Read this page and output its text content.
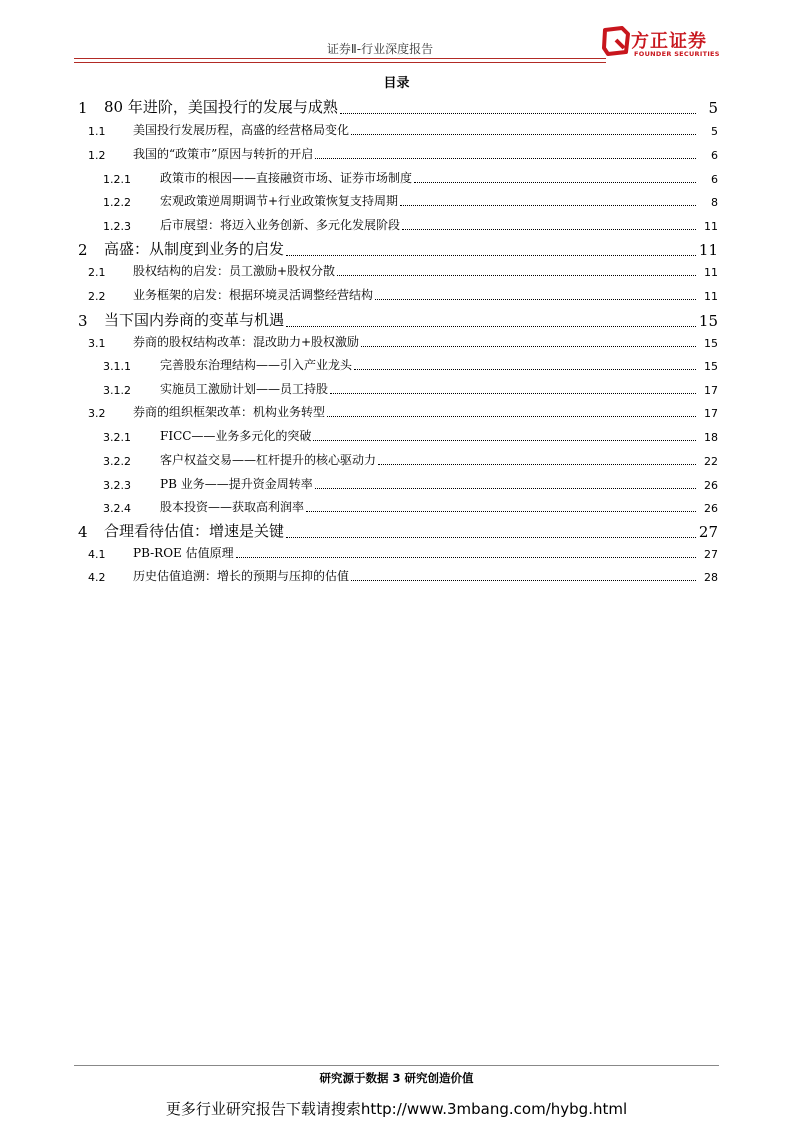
证券Ⅱ-行业深度报告	方正证券
FOUNDER SECURITIES
目录
1 80 年进阶，美国投行的发展与成熟	5
1.1 美国投行发展历程，高盛的经营格局变化	5
1.2 我国的“政策市”原因与转折的开启	6
1.2.1 政策市的根因——直接融资市场、证券市场制度	6
1.2.2 宏观政策逆周期调节+行业政策恢复支持周期	8
1.2.3 后市展望：将迈入业务创新、多元化发展阶段	11
2 高盛：从制度到业务的启发	11
2.1 股权结构的启发：员工激励+股权分散	11
2.2 业务框架的启发：根据环境灵活调整经营结构	11
3 当下国内券商的变革与机遇	15
3.1 券商的股权结构改革：混改助力+股权激励	15
3.1.1 完善股东治理结构——引入产业龙头	15
3.1.2 实施员工激励计划——员工持股	17
3.2 券商的组织框架改革：机构业务转型	17
3.2.1 FICC——业务多元化的突破	18
3.2.2 客户权益交易——杠杆提升的核心驱动力	22
3.2.3 PB 业务——提升资金周转率	26
3.2.4 股本投资——获取高利润率	26
4 合理看待估值：增速是关键	27
4.1 PB-ROE 估值原理	27
4.2 历史估值追溯：增长的预期与压抑的估值	28
研究源于数据 3 研究创造价值
更多行业研究报告下载请搜索http://www.3mbang.com/hybg.html
